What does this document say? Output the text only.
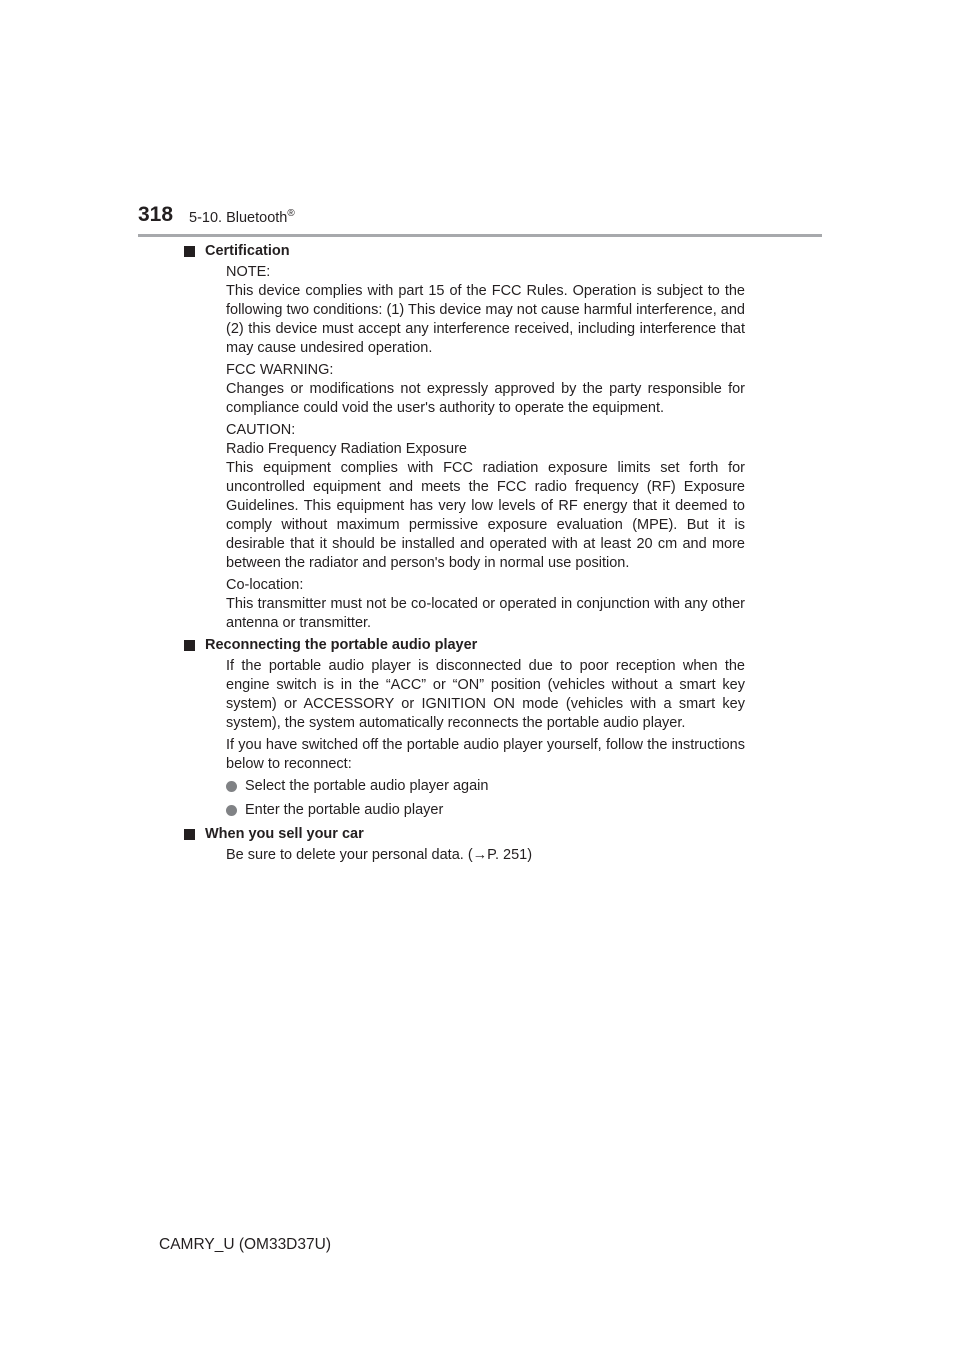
318 5-10. Bluetooth®
Certification

NOTE:

This device complies with part 15 of the FCC Rules. Operation is subject to the following two conditions: (1) This device may not cause harmful interference, and (2) this device must accept any interference received, including interference that may cause undesired operation.

FCC WARNING:

Changes or modifications not expressly approved by the party responsible for compliance could void the user's authority to operate the equipment.

CAUTION:

Radio Frequency Radiation Exposure

This equipment complies with FCC radiation exposure limits set forth for uncontrolled equipment and meets the FCC radio frequency (RF) Exposure Guidelines. This equipment has very low levels of RF energy that it deemed to comply without maximum permissive exposure evaluation (MPE). But it is desirable that it should be installed and operated with at least 20 cm and more between the radiator and person's body in normal use position.

Co-location:

This transmitter must not be co-located or operated in conjunction with any other antenna or transmitter.

Reconnecting the portable audio player

If the portable audio player is disconnected due to poor reception when the engine switch is in the “ACC” or “ON” position (vehicles without a smart key system) or ACCESSORY or IGNITION ON mode (vehicles with a smart key system), the system automatically reconnects the portable audio player.

If you have switched off the portable audio player yourself, follow the instructions below to reconnect:

Select the portable audio player again
Enter the portable audio player
When you sell your car

Be sure to delete your personal data. (→P. 251)

CAMRY_U (OM33D37U)
